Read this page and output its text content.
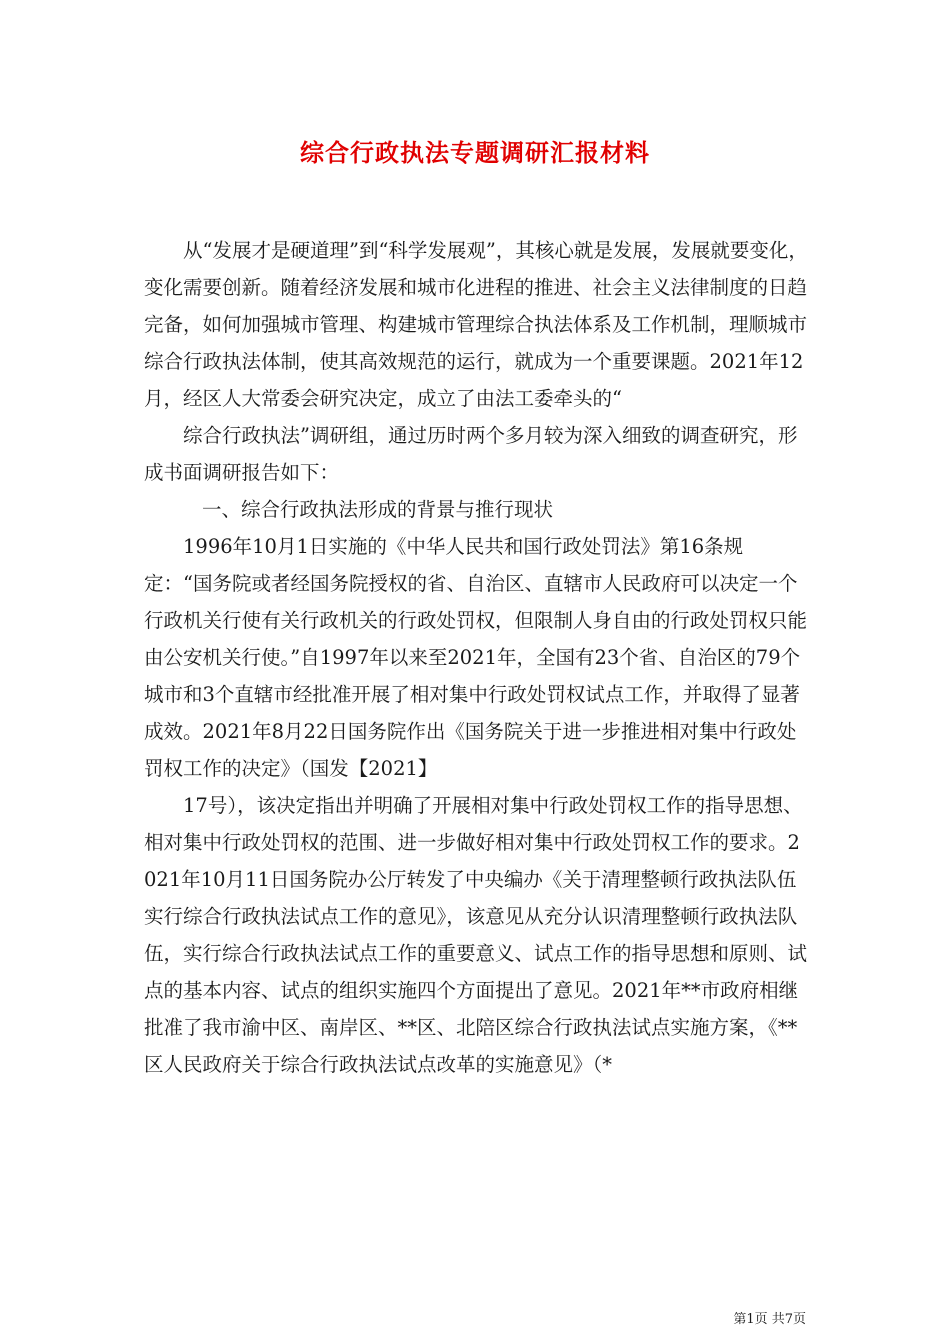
综合行政执法专题调研汇报材料

从“发展才是硬道理”到“科学发展观”，其核心就是发展，发展就要变化，变化需要创新。随着经济发展和城市化进程的推进、社会主义法律制度的日趋完备，如何加强城市管理、构建城市管理综合执法体系及工作机制，理顺城市综合行政执法体制，使其高效规范的运行，就成为一个重要课题。2021年12月，经区人大常委会研究决定，成立了由法工委牵头的“

综合行政执法”调研组，通过历时两个多月较为深入细致的调查研究，形成书面调研报告如下：

一、综合行政执法形成的背景与推行现状

1996年10月1日实施的《中华人民共和国行政处罚法》第16条规定：“国务院或者经国务院授权的省、自治区、直辖市人民政府可以决定一个行政机关行使有关行政机关的行政处罚权，但限制人身自由的行政处罚权只能由公安机关行使。”自1997年以来至2021年，全国有23个省、自治区的79个城市和3个直辖市经批准开展了相对集中行政处罚权试点工作，并取得了显著成效。2021年8月22日国务院作出《国务院关于进一步推进相对集中行政处罚权工作的决定》（国发【2021】

17号），该决定指出并明确了开展相对集中行政处罚权工作的指导思想、相对集中行政处罚权的范围、进一步做好相对集中行政处罚权工作的要求。2021年10月11日国务院办公厅转发了中央编办《关于清理整顿行政执法队伍实行综合行政执法试点工作的意见》，该意见从充分认识清理整顿行政执法队伍，实行综合行政执法试点工作的重要意义、试点工作的指导思想和原则、试点的基本内容、试点的组织实施四个方面提出了意见。2021年**市政府相继批准了我市渝中区、南岸区、**区、北陪区综合行政执法试点实施方案，《**区人民政府关于综合行政执法试点改革的实施意见》（*

第1页 共7页
